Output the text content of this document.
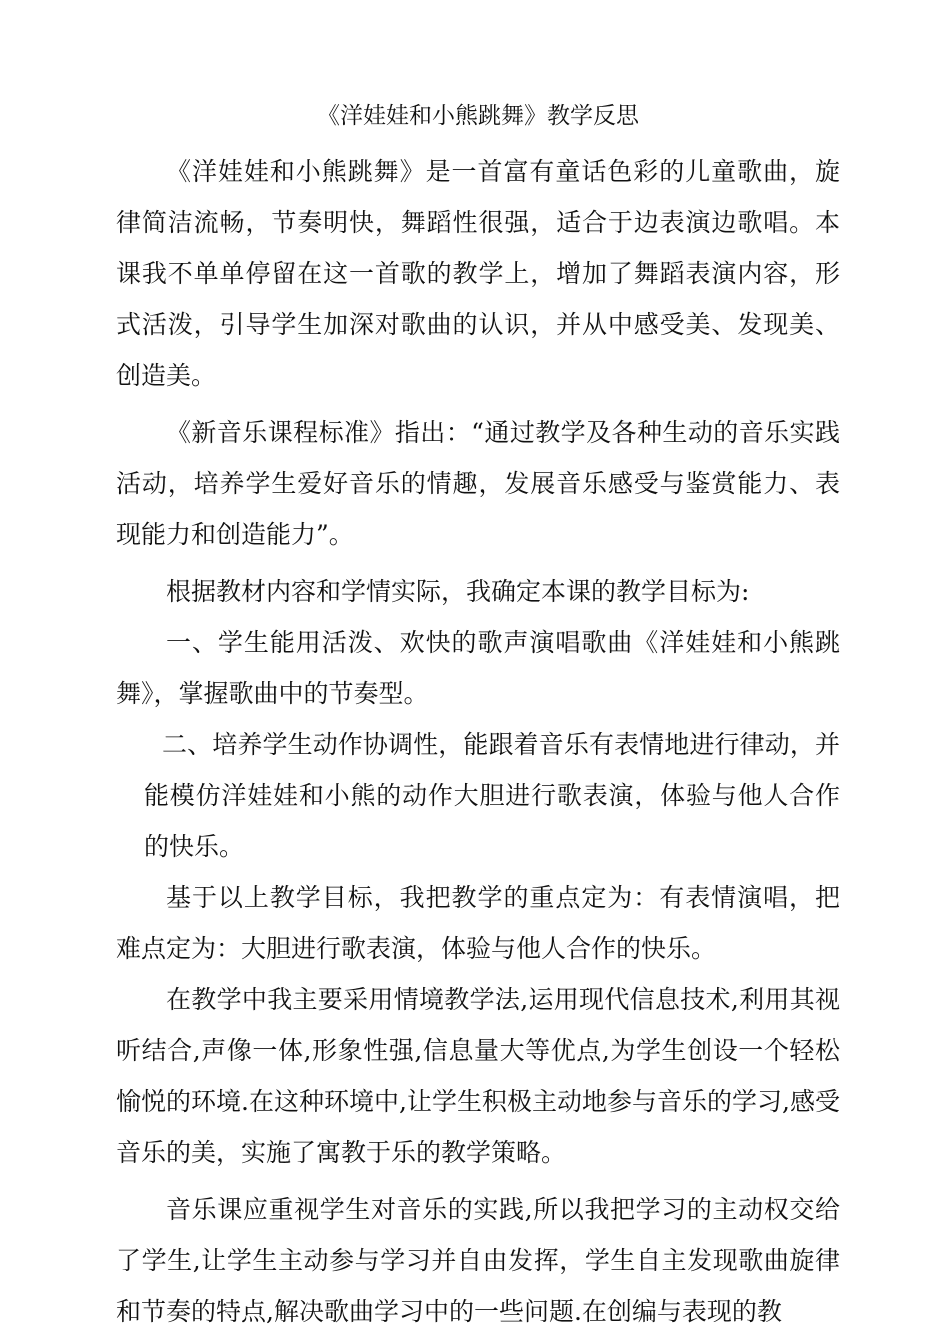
《洋娃娃和小熊跳舞》教学反思

《洋娃娃和小熊跳舞》是一首富有童话色彩的儿童歌曲，旋律简洁流畅，节奏明快，舞蹈性很强，适合于边表演边歌唱。本课我不单单停留在这一首歌的教学上，增加了舞蹈表演内容，形式活泼，引导学生加深对歌曲的认识，并从中感受美、发现美、创造美。

《新音乐课程标准》指出：“通过教学及各种生动的音乐实践活动，培养学生爱好音乐的情趣，发展音乐感受与鉴赏能力、表现能力和创造能力”。

根据教材内容和学情实际，我确定本课的教学目标为:

一、学生能用活泼、欢快的歌声演唱歌曲《洋娃娃和小熊跳舞》，掌握歌曲中的节奏型。

二、培养学生动作协调性，能跟着音乐有表情地进行律动，并能模仿洋娃娃和小熊的动作大胆进行歌表演，体验与他人合作的快乐。

基于以上教学目标，我把教学的重点定为：有表情演唱，把难点定为：大胆进行歌表演，体验与他人合作的快乐。

在教学中我主要采用情境教学法,运用现代信息技术,利用其视听结合,声像一体,形象性强,信息量大等优点,为学生创设一个轻松愉悦的环境.在这种环境中,让学生积极主动地参与音乐的学习,感受音乐的美，实施了寓教于乐的教学策略。

音乐课应重视学生对音乐的实践,所以我把学习的主动权交给了学生,让学生主动参与学习并自由发挥，学生自主发现歌曲旋律和节奏的特点,解决歌曲学习中的一些问题.在创编与表现的教
